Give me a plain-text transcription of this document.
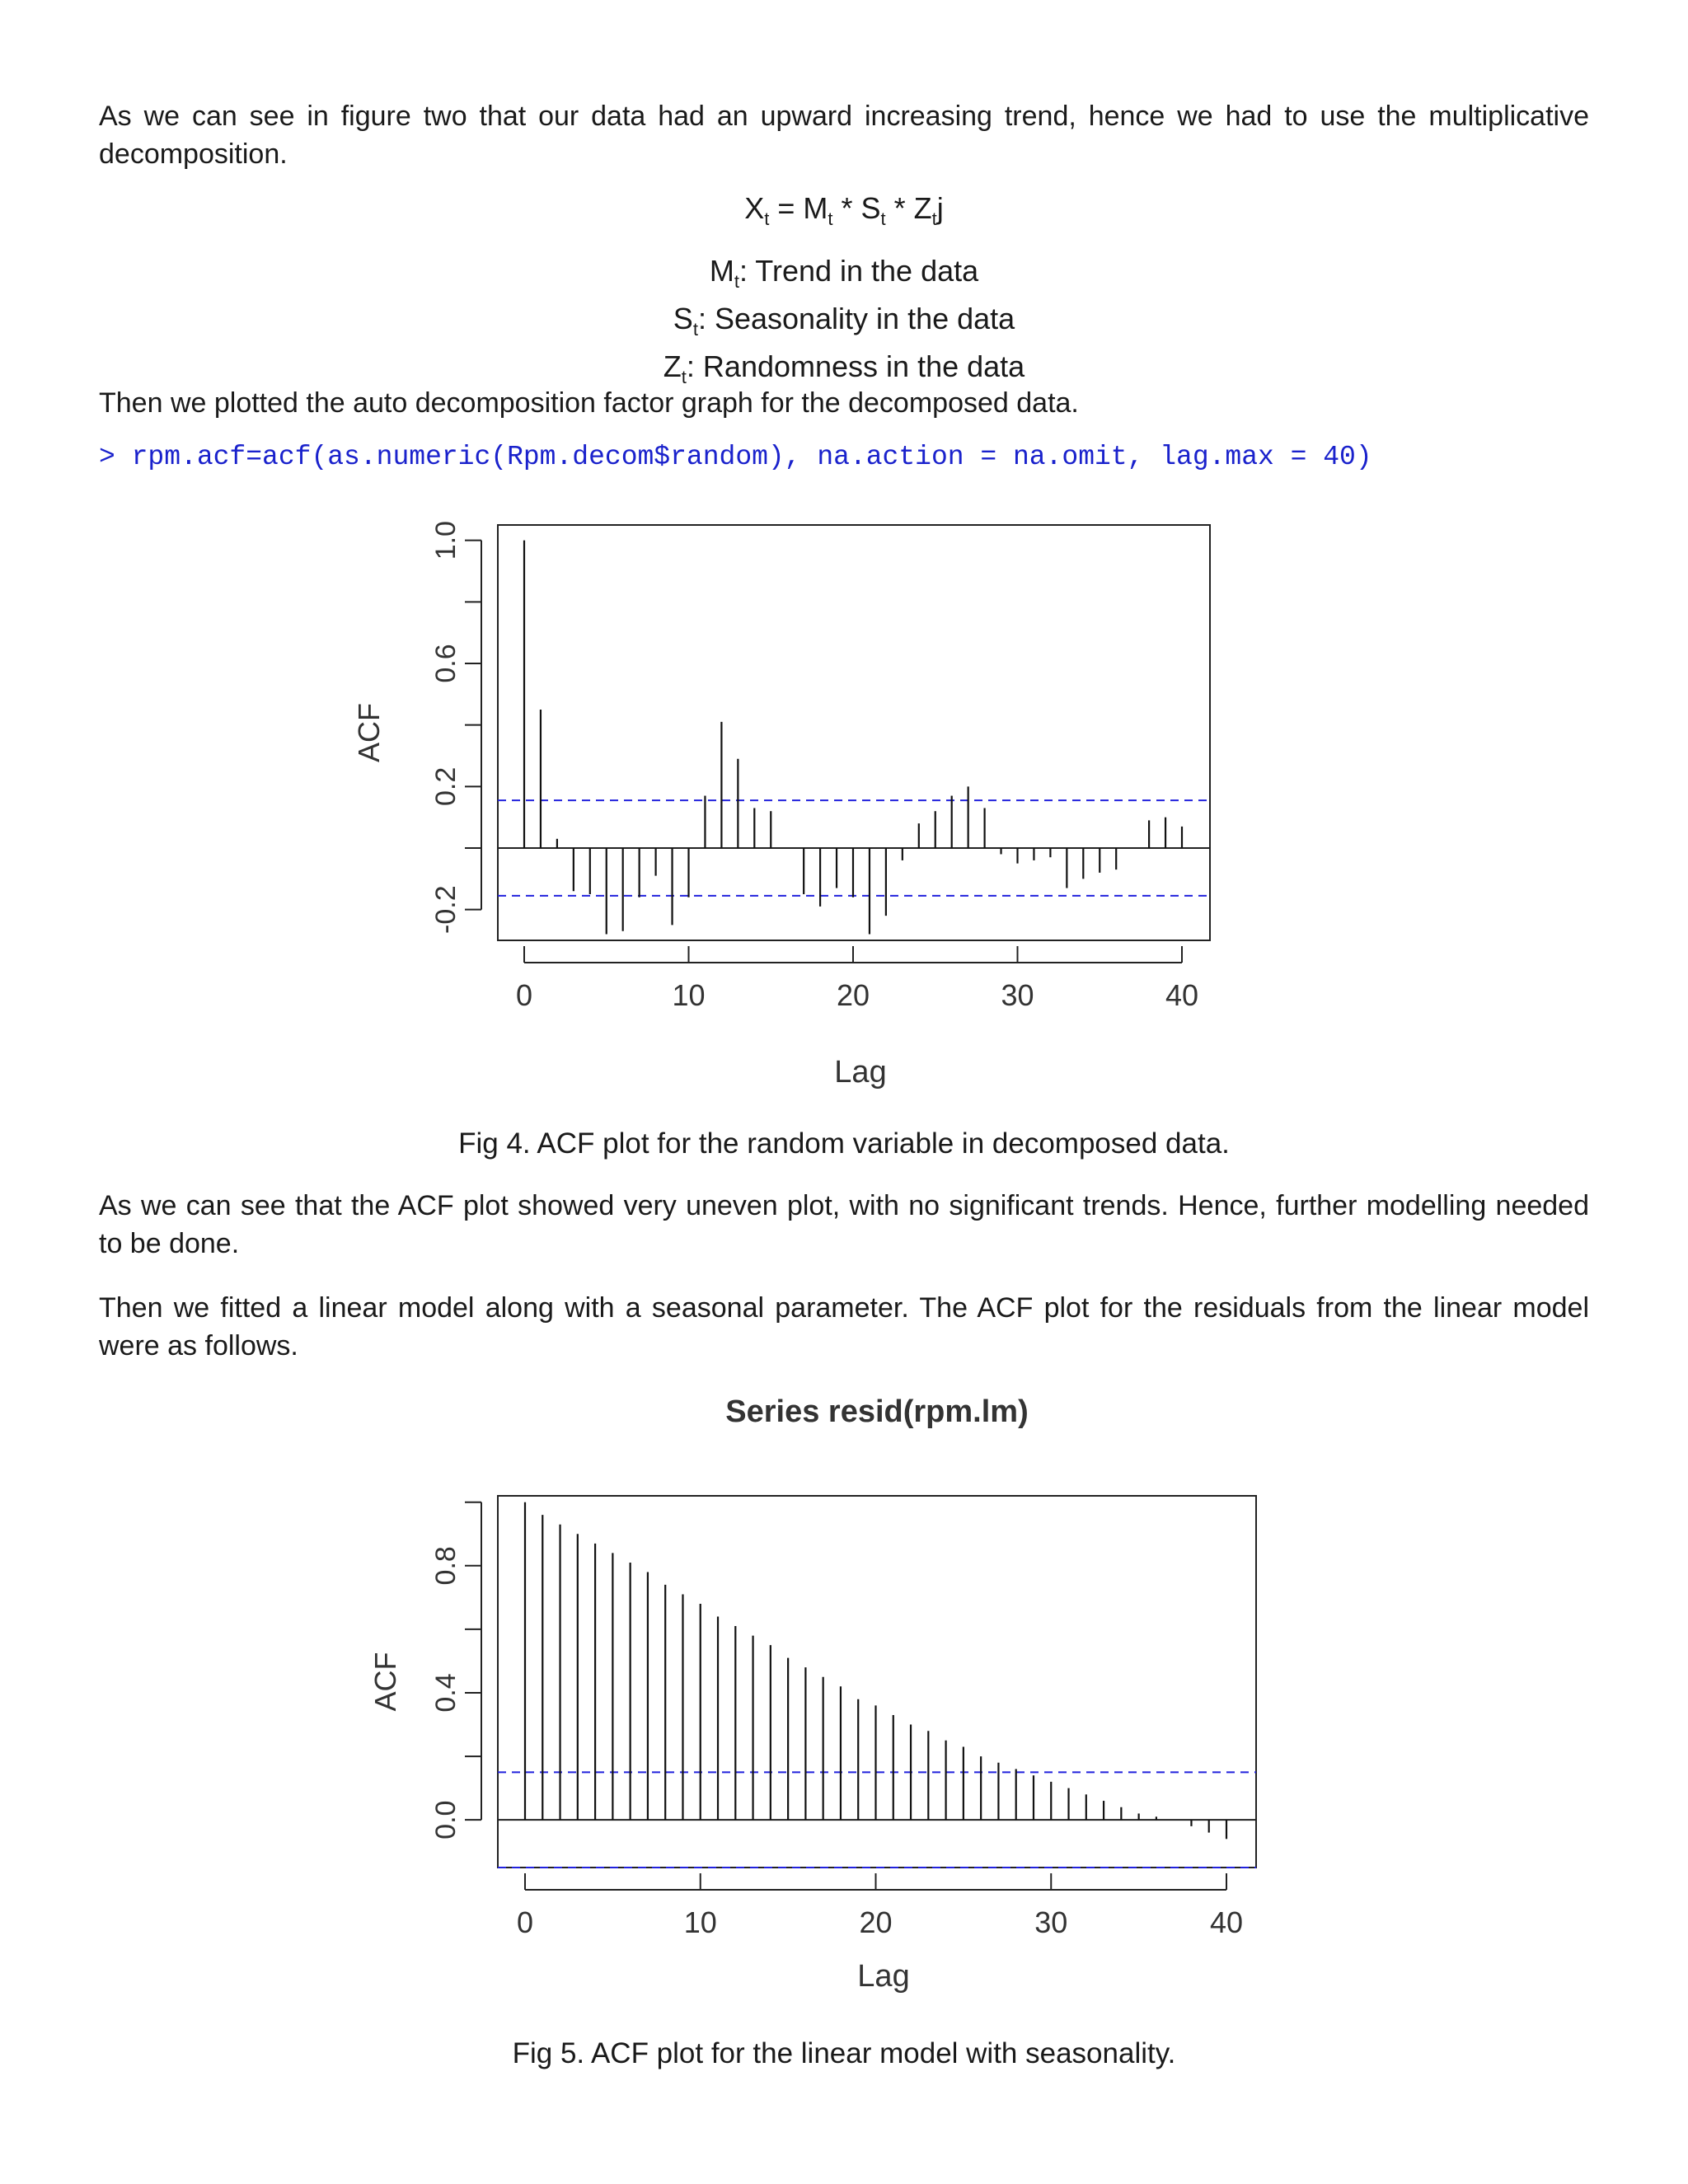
As we can see in figure two that our data had an upward increasing trend, hence we had to use the multiplicative decomposition.
$X_t = M_t * S_t * Z_tj$
$M_t$: Trend in the data
$S_t$: Seasonality in the data
$Z_t$: Randomness in the data
Then we plotted the auto decomposition factor graph for the decomposed data.
> rpm.acf=acf(as.numeric(Rpm.decom$random), na.action = na.omit, lag.max = 40)
-0.2
0.2
0.6
1.0
ACF
0	10	20	30	40
Lag
Fig 4. ACF plot for the random variable in decomposed data.
As we can see that the ACF plot showed very uneven plot, with no significant trends. Hence, further modelling needed to be done.
Then we fitted a linear model along with a seasonal parameter. The ACF plot for the residuals from the linear model were as follows.
Series resid(rpm.lm)
0.0
0.4
0.8
ACF
0	10	20	30	40
Lag
Fig 5. ACF plot for the linear model with seasonality.
